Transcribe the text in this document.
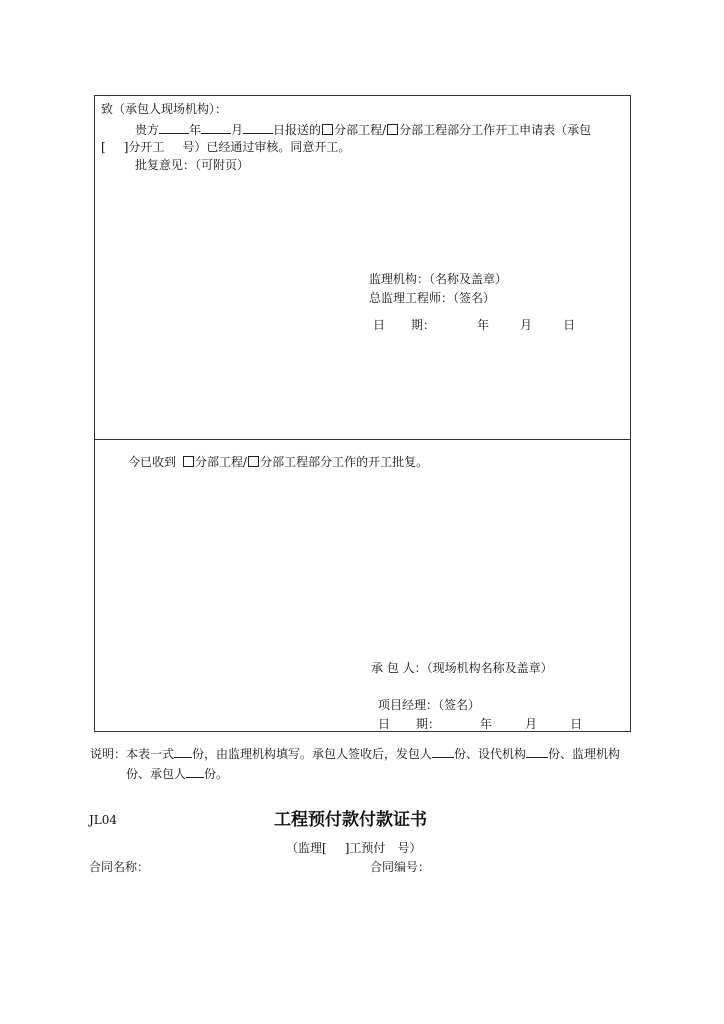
致（承包人现场机构）：
贵方	年	月	日报送的 分部工程/ 分部工程部分工作开工申请表（承包
[ ]分开工 号）已经通过审核。同意开工。
批复意见：（可附页）
监理机构：（名称及盖章）
总监理工程师：（签名）
日 期：	年	月	日
今已收到 分部工程/ 分部工程部分工作的开工批复。
承 包 人：（现场机构名称及盖章）
项目经理：（签名）
日 期：	年	月	日
说明：本表一式 份，由监理机构填写。承包人签收后，发包人 份、设代机构 份、监理机构
份、承包人 份。
JL04	工程预付款付款证书
（监理[ ]工预付 号）
合同名称：	合同编号：
